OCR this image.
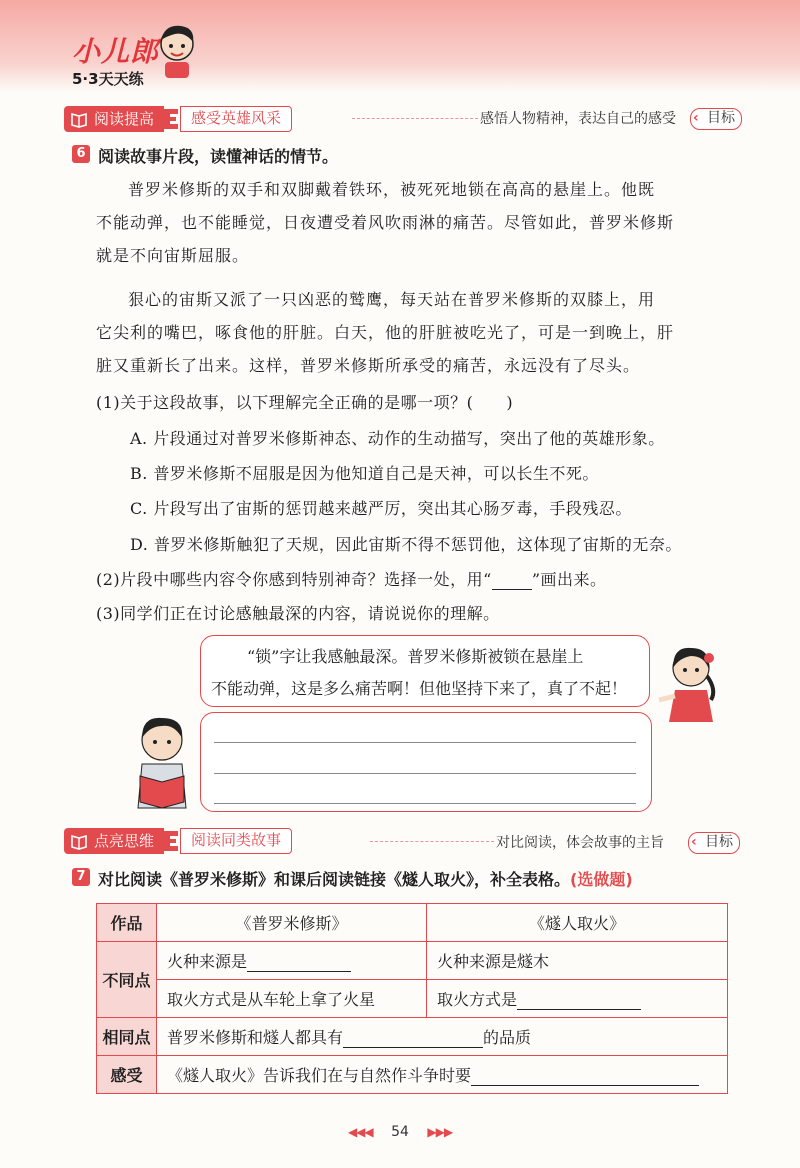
小儿郎
5·3天天练
阅读提高	感受英雄风采	感悟人物精神，表达自己的感受 ‹ 目标
6 阅读故事片段，读懂神话的情节。
普罗米修斯的双手和双脚戴着铁环，被死死地锁在高高的悬崖上。他既
不能动弹，也不能睡觉，日夜遭受着风吹雨淋的痛苦。尽管如此，普罗米修斯
就是不向宙斯屈服。
狠心的宙斯又派了一只凶恶的鹫鹰，每天站在普罗米修斯的双膝上，用
它尖利的嘴巴，啄食他的肝脏。白天，他的肝脏被吃光了，可是一到晚上，肝
脏又重新长了出来。这样，普罗米修斯所承受的痛苦，永远没有了尽头。
(1)关于这段故事，以下理解完全正确的是哪一项？(　　)
A. 片段通过对普罗米修斯神态、动作的生动描写，突出了他的英雄形象。
B. 普罗米修斯不屈服是因为他知道自己是天神，可以长生不死。
C. 片段写出了宙斯的惩罚越来越严厉，突出其心肠歹毒，手段残忍。
D. 普罗米修斯触犯了天规，因此宙斯不得不惩罚他，这体现了宙斯的无奈。
(2)片段中哪些内容令你感到特别神奇？选择一处，用“	”画出来。
(3)同学们正在讨论感触最深的内容，请说说你的理解。
“锁”字让我感触最深。普罗米修斯被锁在悬崖上
不能动弹，这是多么痛苦啊！但他坚持下来了，真了不起！
点亮思维	阅读同类故事	对比阅读，体会故事的主旨 ‹ 目标
7 对比阅读《普罗米修斯》和课后阅读链接《燧人取火》，补全表格。(选做题)
作品	《普罗米修斯》	《燧人取火》
不同点	火种来源是	火种来源是燧木
	取火方式是从车轮上拿了火星	取火方式是
相同点	普罗米修斯和燧人都具有 的品质	
感受	《燧人取火》告诉我们在与自然作斗争时要	
◀◀◀ 54 ▶▶▶
